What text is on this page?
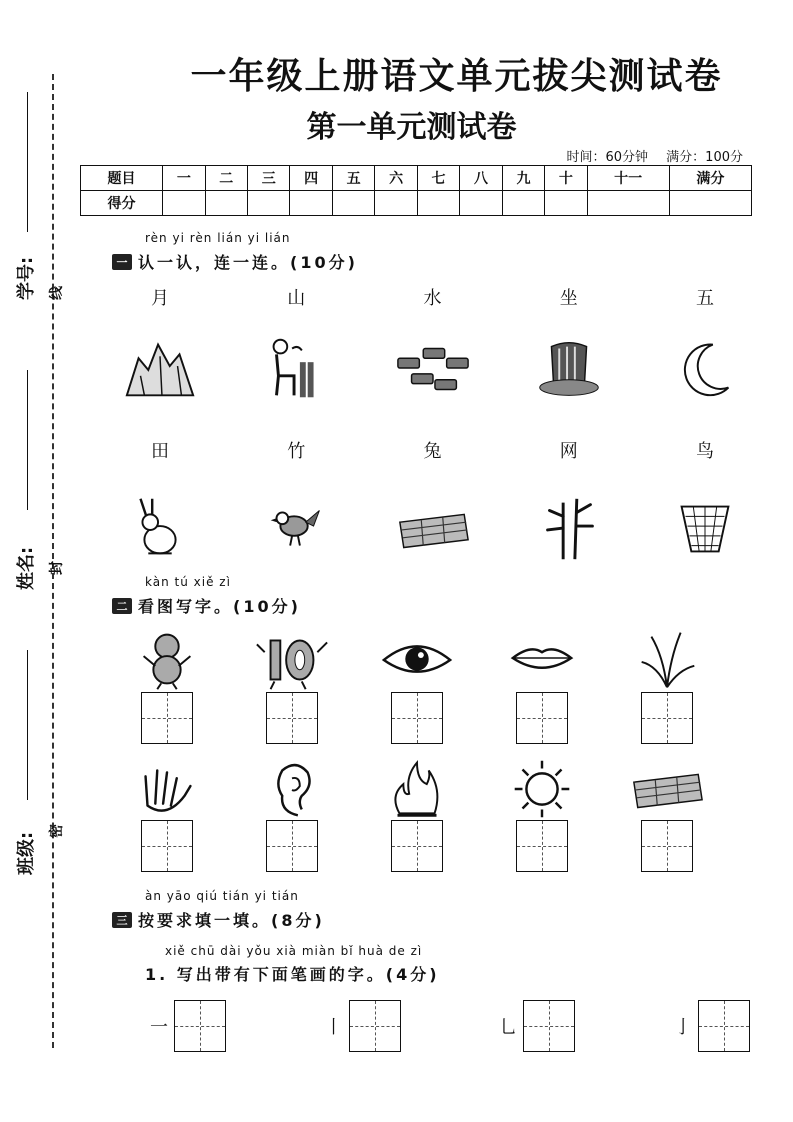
一年级上册语文单元拔尖测试卷
第一单元测试卷
时间：60分钟 满分：100分
题目	一	二	三	四	五	六	七	八	九	十	十一	满分
得分												
学号:
姓名:
班级:
线
封
密
rèn yi rèn lián yi lián
一 认一认，连一连。(10分)
月	山	水	坐	五
田	竹	兔	网	鸟
kàn tú xiě zì
二 看图写字。(10分)
àn yāo qiú tián yi tián
三 按要求填一填。(8分)
xiě chū dài yǒu xià miàn bǐ huà de zì
1. 写出带有下面笔画的字。(4分)
一	丨	乚	亅
